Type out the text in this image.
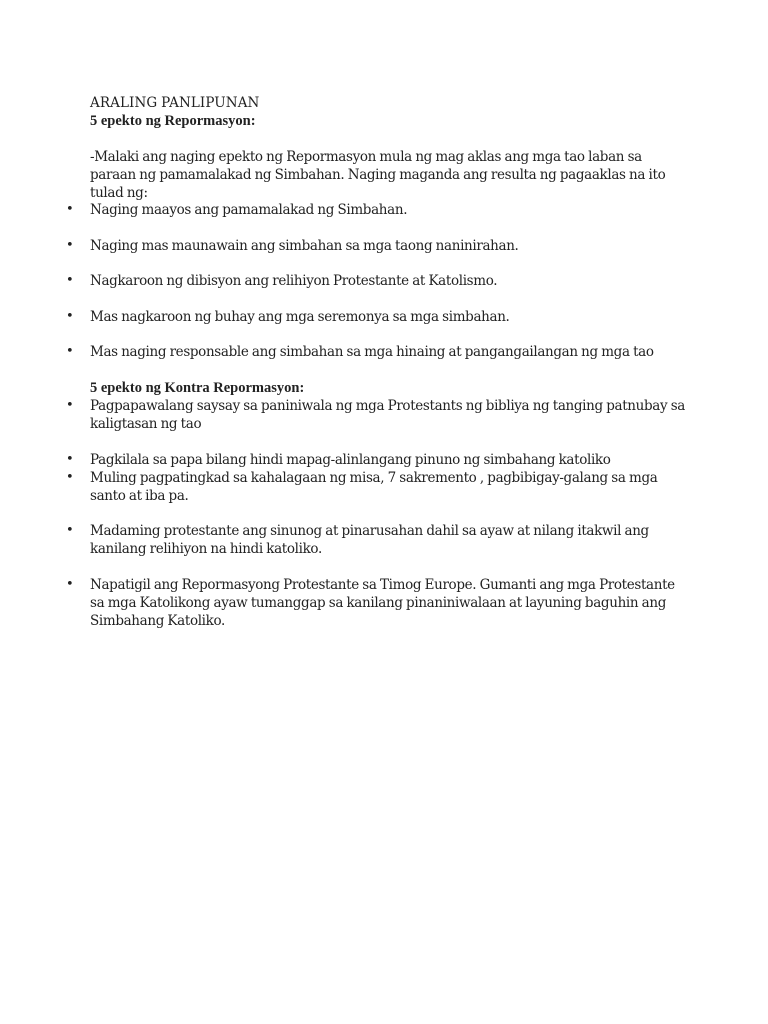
ARALING PANLIPUNAN
5 epekto ng Repormasyon:
-Malaki ang naging epekto ng Repormasyon mula ng mag aklas ang mga tao laban sa paraan ng pamamalakad ng Simbahan. Naging maganda ang resulta ng pagaaklas na ito tulad ng:
• Naging maayos ang pamamalakad ng Simbahan.
• Naging mas maunawain ang simbahan sa mga taong naninirahan.
• Nagkaroon ng dibisyon ang relihiyon Protestante at Katolismo.
• Mas nagkaroon ng buhay ang mga seremonya sa mga simbahan.
• Mas naging responsable ang simbahan sa mga hinaing at pangangailangan ng mga tao
5 epekto ng Kontra Repormasyon:
• Pagpapawalang saysay sa paniniwala ng mga Protestants ng bibliya ng tanging patnubay sa kaligtasan ng tao
• Pagkilala sa papa bilang hindi mapag-alinlangang pinuno ng simbahang katoliko
• Muling pagpatingkad sa kahalagaan ng misa, 7 sakremento , pagbibigay-galang sa mga santo at iba pa.
• Madaming protestante ang sinunog at pinarusahan dahil sa ayaw at nilang itakwil ang kanilang relihiyon na hindi katoliko.
• Napatigil ang Repormasyong Protestante sa Timog Europe. Gumanti ang mga Protestante sa mga Katolikong ayaw tumanggap sa kanilang pinaniniwalaan at layuning baguhin ang Simbahang Katoliko.
